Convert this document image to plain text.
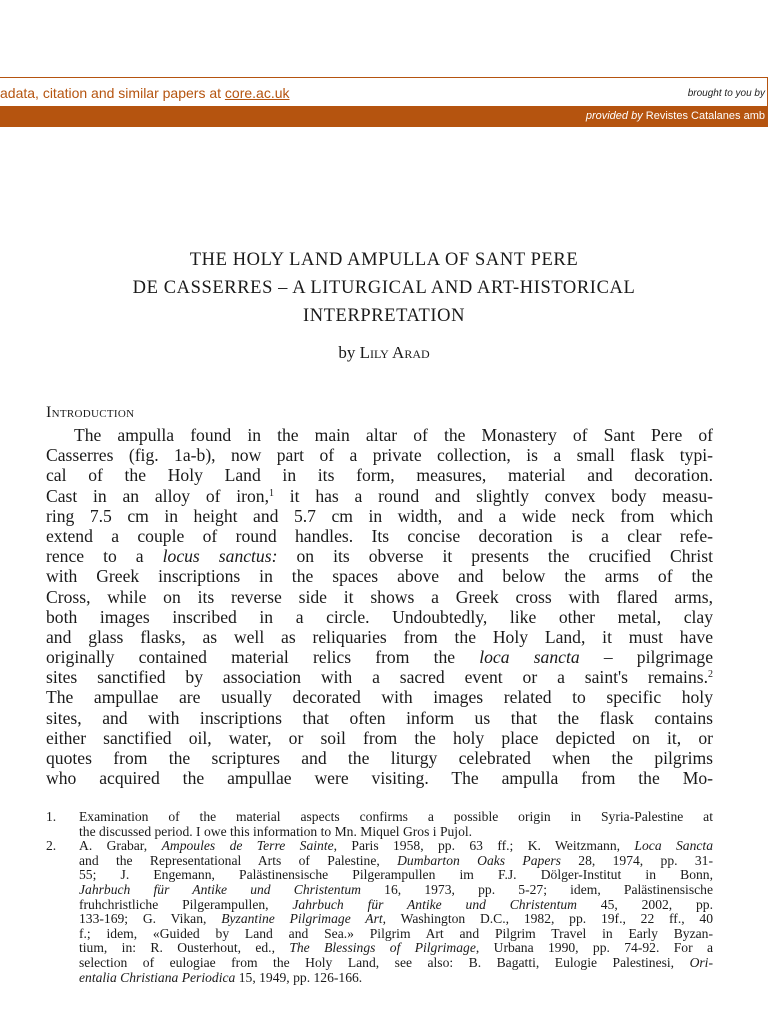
adata, citation and similar papers at core.ac.uk	brought to you by
provided by Revistes Catalanes amb
THE HOLY LAND AMPULLA OF SANT PERE
DE CASSERRES – A LITURGICAL AND ART-HISTORICAL
INTERPRETATION
by Lily Arad
Introduction
The ampulla found in the main altar of the Monastery of Sant Pere of
Casserres (fig. 1a-b), now part of a private collection, is a small flask typi-
cal of the Holy Land in its form, measures, material and decoration.
Cast in an alloy of iron,$^1$ it has a round and slightly convex body measu-
ring 7.5 cm in height and 5.7 cm in width, and a wide neck from which
extend a couple of round handles. Its concise decoration is a clear refe-
rence to a locus sanctus: on its obverse it presents the crucified Christ
with Greek inscriptions in the spaces above and below the arms of the
Cross, while on its reverse side it shows a Greek cross with flared arms,
both images inscribed in a circle. Undoubtedly, like other metal, clay
and glass flasks, as well as reliquaries from the Holy Land, it must have
originally contained material relics from the loca sancta – pilgrimage
sites sanctified by association with a sacred event or a saint's remains.$^2$
The ampullae are usually decorated with images related to specific holy
sites, and with inscriptions that often inform us that the flask contains
either sanctified oil, water, or soil from the holy place depicted on it, or
quotes from the scriptures and the liturgy celebrated when the pilgrims
who acquired the ampullae were visiting. The ampulla from the Mo-
1. Examination of the material aspects confirms a possible origin in Syria-Palestine at
the discussed period. I owe this information to Mn. Miquel Gros i Pujol.
2. A. Grabar, Ampoules de Terre Sainte, Paris 1958, pp. 63 ff.; K. Weitzmann, Loca Sancta
and the Representational Arts of Palestine, Dumbarton Oaks Papers 28, 1974, pp. 31-
55; J. Engemann, Palästinensische Pilgerampullen im F.J. Dölger-Institut in Bonn,
Jahrbuch für Antike und Christentum 16, 1973, pp. 5-27; idem, Palästinensische
fruhchristliche Pilgerampullen, Jahrbuch für Antike und Christentum 45, 2002, pp.
133-169; G. Vikan, Byzantine Pilgrimage Art, Washington D.C., 1982, pp. 19f., 22 ff., 40
f.; idem, «Guided by Land and Sea.» Pilgrim Art and Pilgrim Travel in Early Byzan-
tium, in: R. Ousterhout, ed., The Blessings of Pilgrimage, Urbana 1990, pp. 74-92. For a
selection of eulogiae from the Holy Land, see also: B. Bagatti, Eulogie Palestinesi, Ori-
entalia Christiana Periodica 15, 1949, pp. 126-166.
